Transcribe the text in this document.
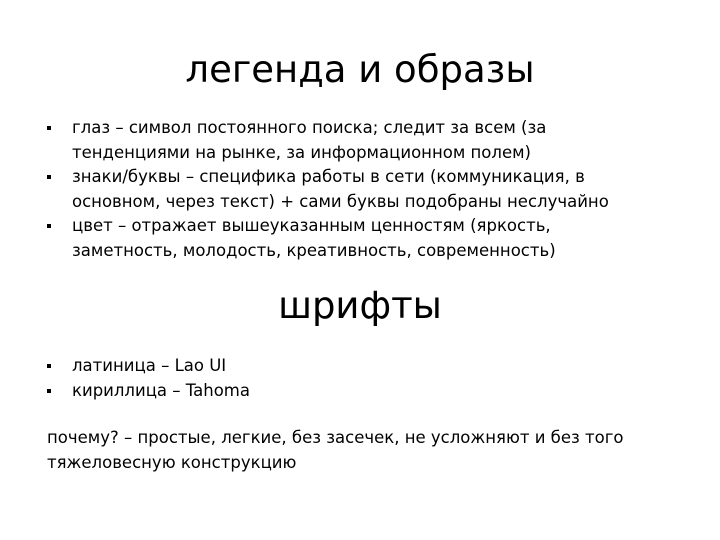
легенда и образы
глаз – символ постоянного поиска; следит за всем (за тенденциями на рынке, за информационном полем)
знаки/буквы – специфика работы в сети (коммуникация, в основном, через текст) + сами буквы подобраны неслучайно
цвет – отражает вышеуказанным ценностям (яркость, заметность, молодость, креативность, современность)
шрифты
латиница – Lao UI
кириллица – Tahoma

почему? – простые, легкие, без засечек, не усложняют и без того тяжеловесную конструкцию
